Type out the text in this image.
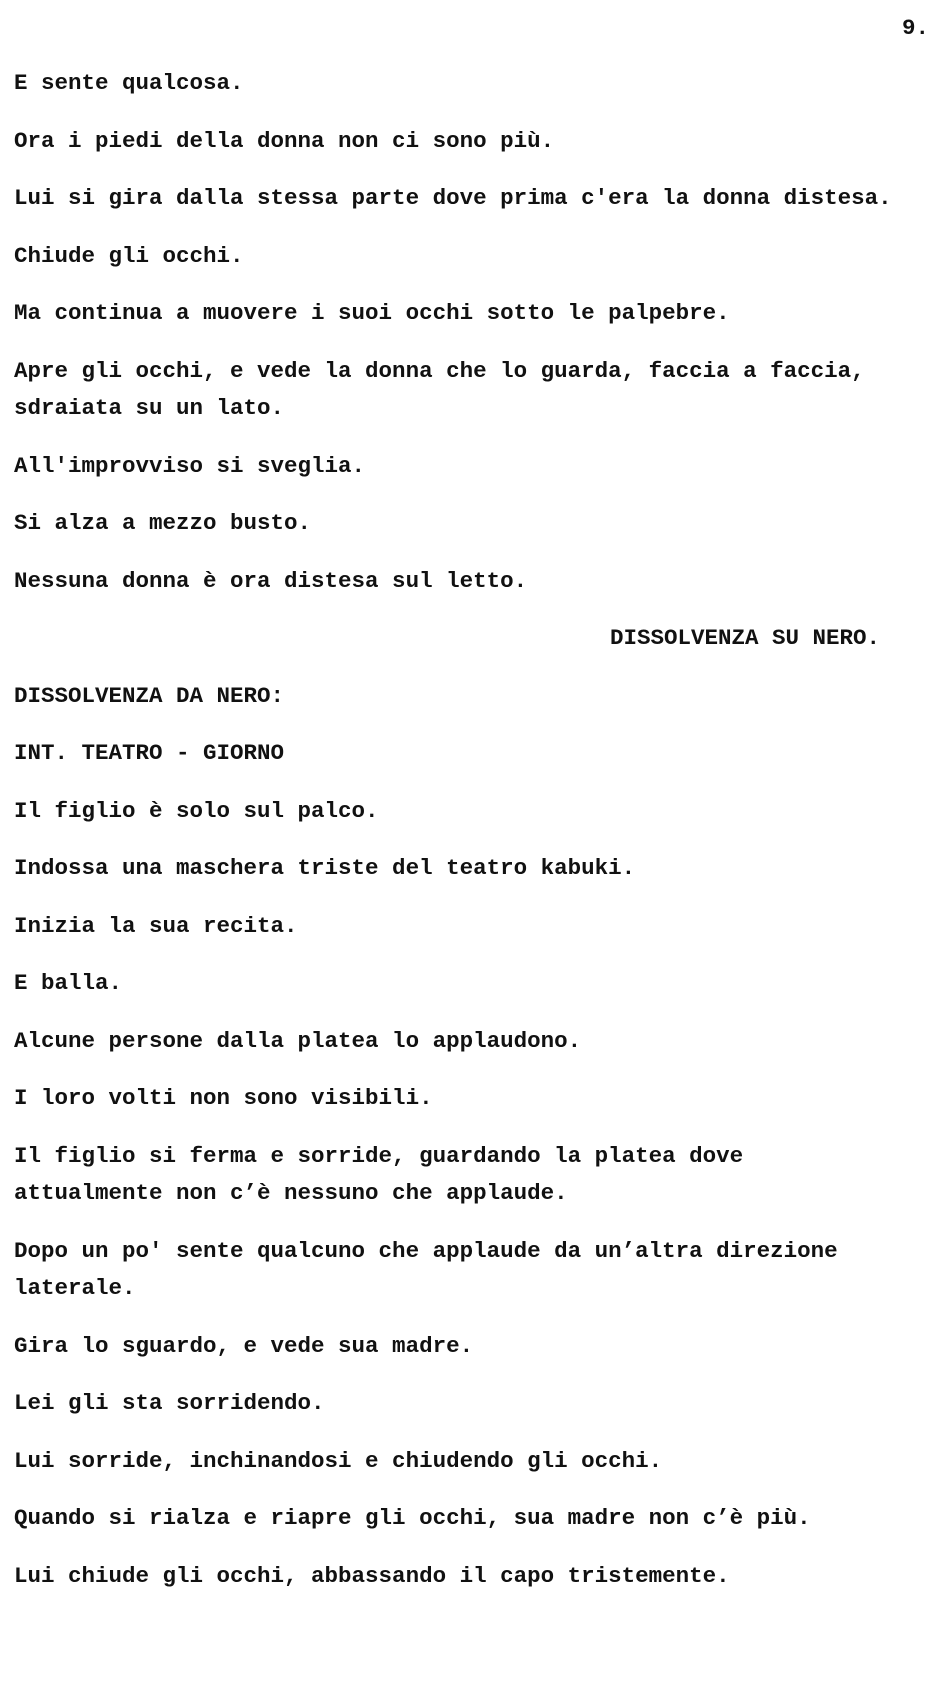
9.

E sente qualcosa.

Ora i piedi della donna non ci sono più.

Lui si gira dalla stessa parte dove prima c'era la donna distesa.

Chiude gli occhi.

Ma continua a muovere i suoi occhi sotto le palpebre.

Apre gli occhi, e vede la donna che lo guarda, faccia a faccia, sdraiata su un lato.

All'improvviso si sveglia.

Si alza a mezzo busto.

Nessuna donna è ora distesa sul letto.

DISSOLVENZA SU NERO.

DISSOLVENZA DA NERO:

INT. TEATRO - GIORNO

Il figlio è solo sul palco.

Indossa una maschera triste del teatro kabuki.

Inizia la sua recita.

E balla.

Alcune persone dalla platea lo applaudono.

I loro volti non sono visibili.

Il figlio si ferma e sorride, guardando la platea dove attualmente non c’è nessuno che applaude.

Dopo un po' sente qualcuno che applaude da un’altra direzione laterale.

Gira lo sguardo, e vede sua madre.

Lei gli sta sorridendo.

Lui sorride, inchinandosi e chiudendo gli occhi.

Quando si rialza e riapre gli occhi, sua madre non c’è più.

Lui chiude gli occhi, abbassando il capo tristemente.
